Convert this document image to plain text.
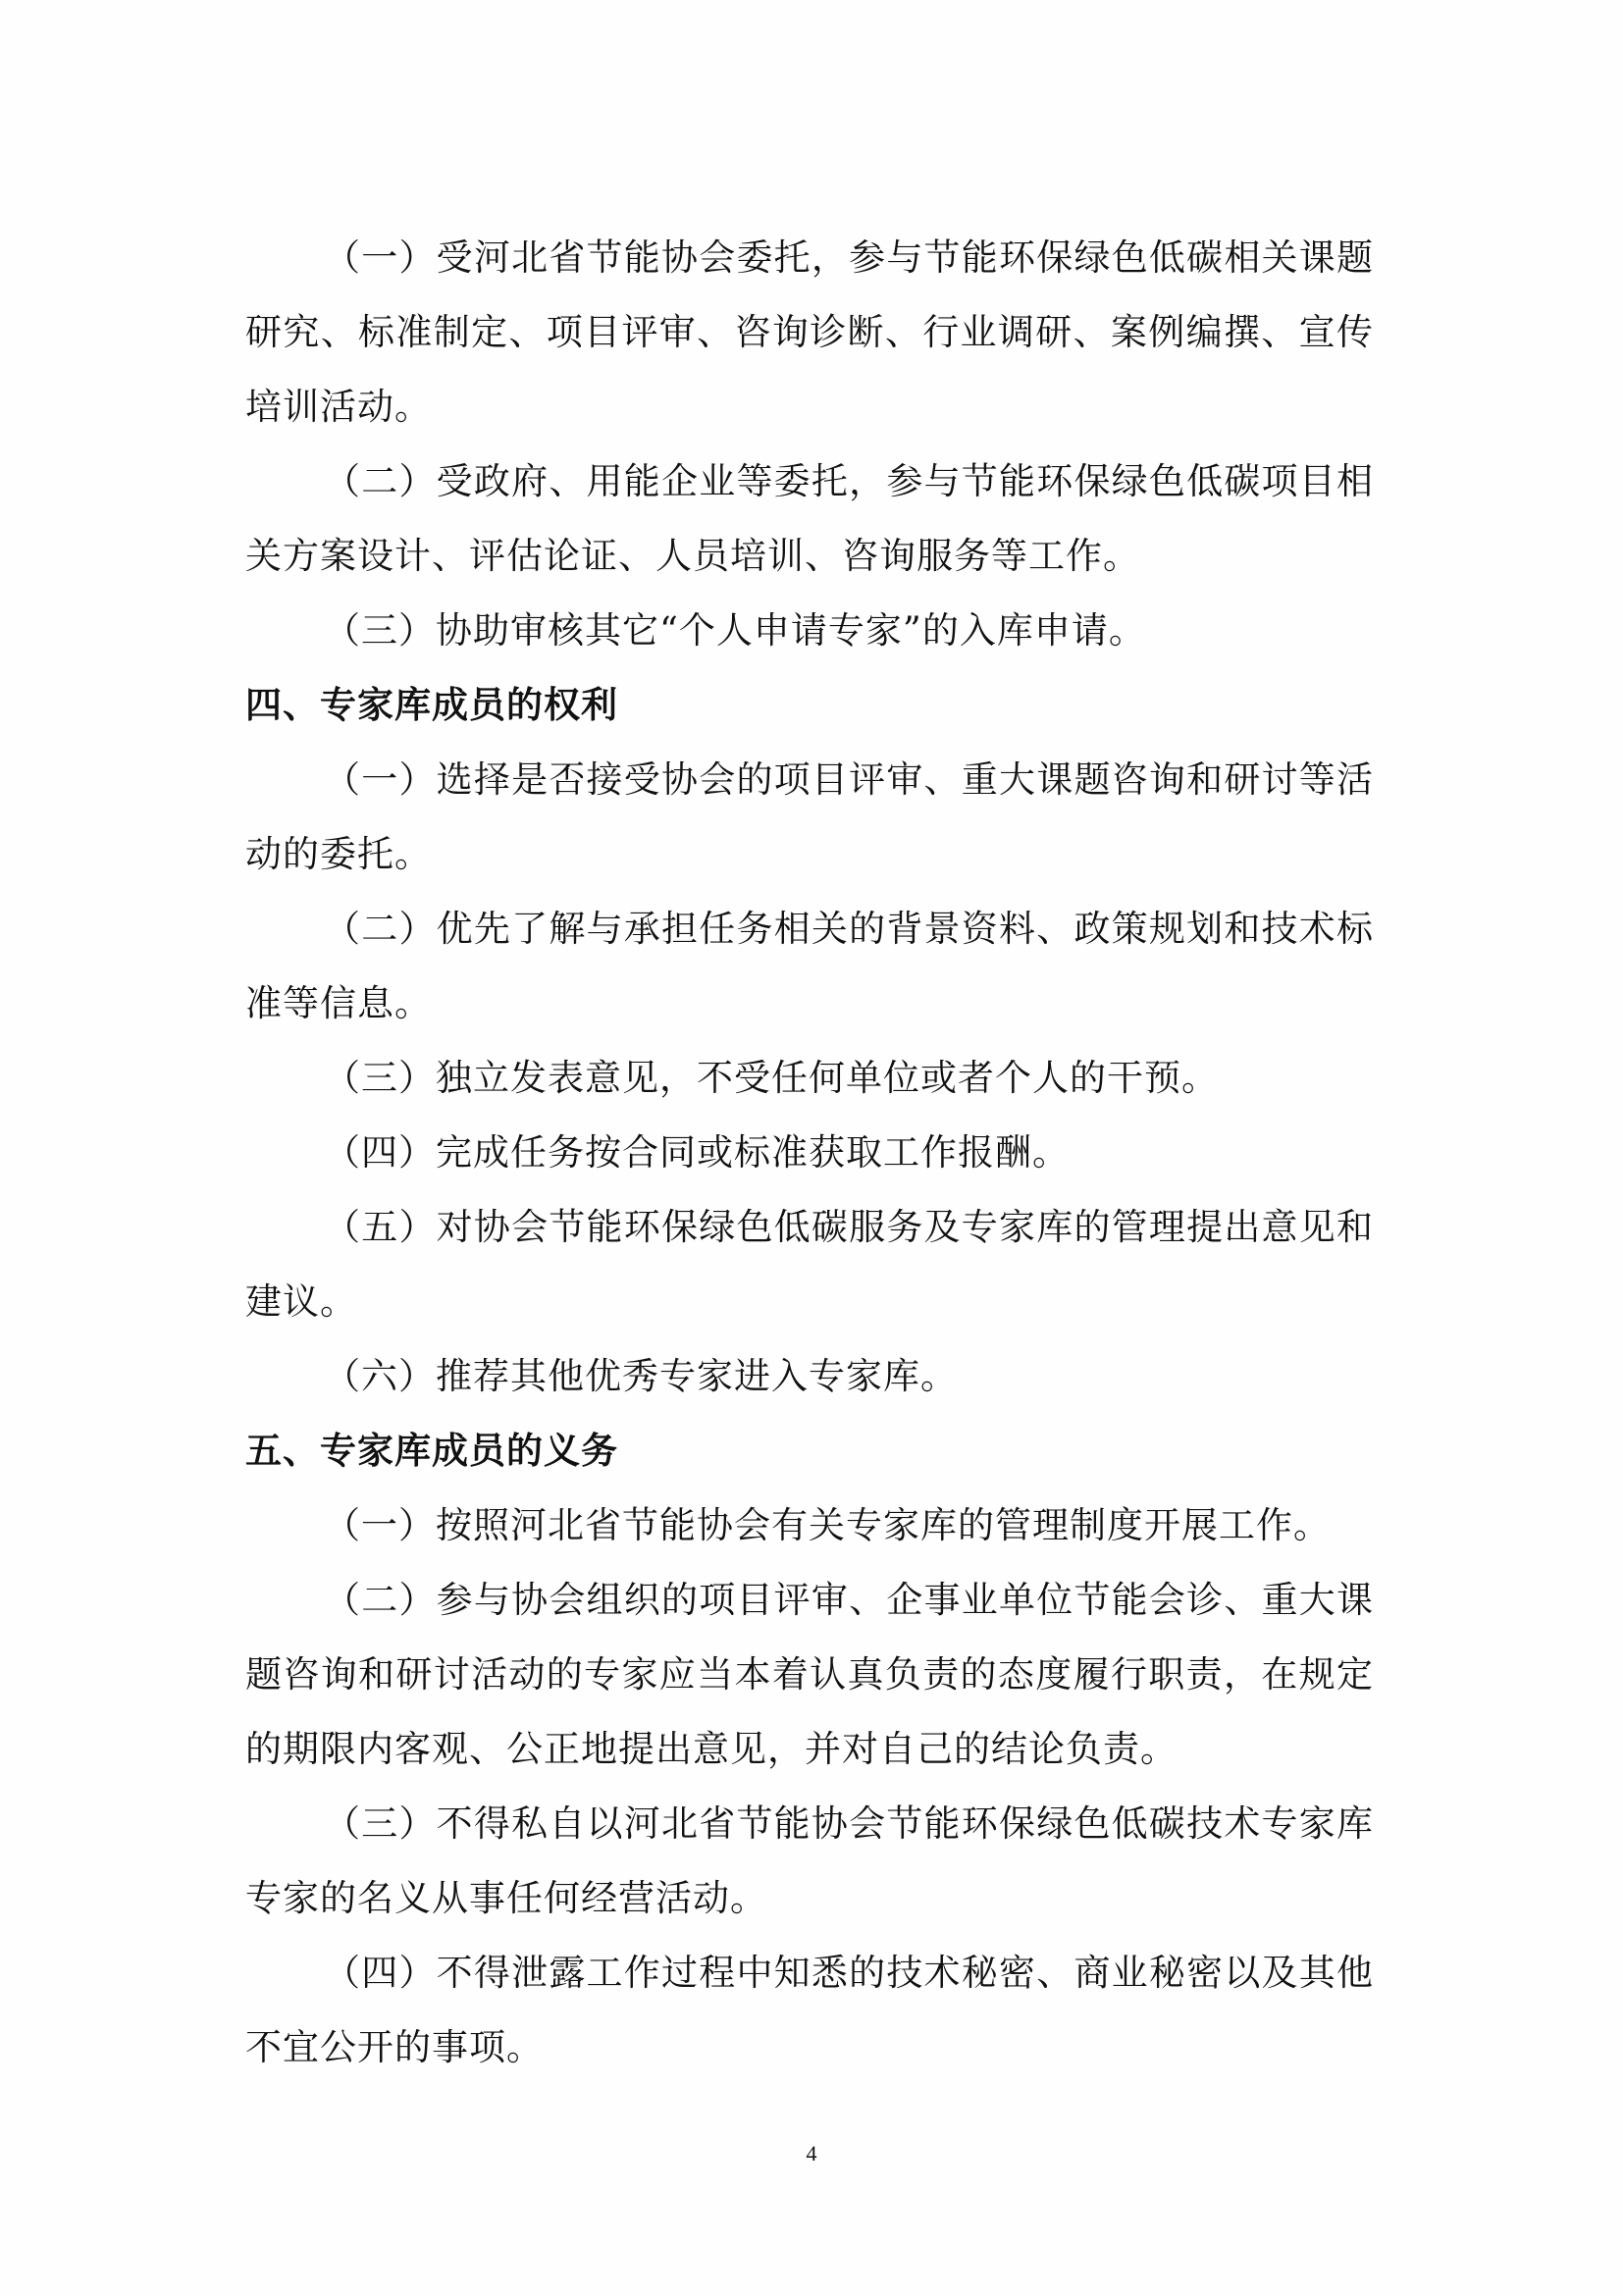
（一）受河北省节能协会委托，参与节能环保绿色低碳相关课题研究、标准制定、项目评审、咨询诊断、行业调研、案例编撰、宣传培训活动。

（二）受政府、用能企业等委托，参与节能环保绿色低碳项目相关方案设计、评估论证、人员培训、咨询服务等工作。

（三）协助审核其它“个人申请专家”的入库申请。

四、专家库成员的权利

（一）选择是否接受协会的项目评审、重大课题咨询和研讨等活动的委托。

（二）优先了解与承担任务相关的背景资料、政策规划和技术标准等信息。

（三）独立发表意见，不受任何单位或者个人的干预。

（四）完成任务按合同或标准获取工作报酬。

（五）对协会节能环保绿色低碳服务及专家库的管理提出意见和建议。

（六）推荐其他优秀专家进入专家库。

五、专家库成员的义务

（一）按照河北省节能协会有关专家库的管理制度开展工作。

（二）参与协会组织的项目评审、企事业单位节能会诊、重大课题咨询和研讨活动的专家应当本着认真负责的态度履行职责，在规定的期限内客观、公正地提出意见，并对自己的结论负责。

（三）不得私自以河北省节能协会节能环保绿色低碳技术专家库专家的名义从事任何经营活动。

（四）不得泄露工作过程中知悉的技术秘密、商业秘密以及其他不宜公开的事项。

4
